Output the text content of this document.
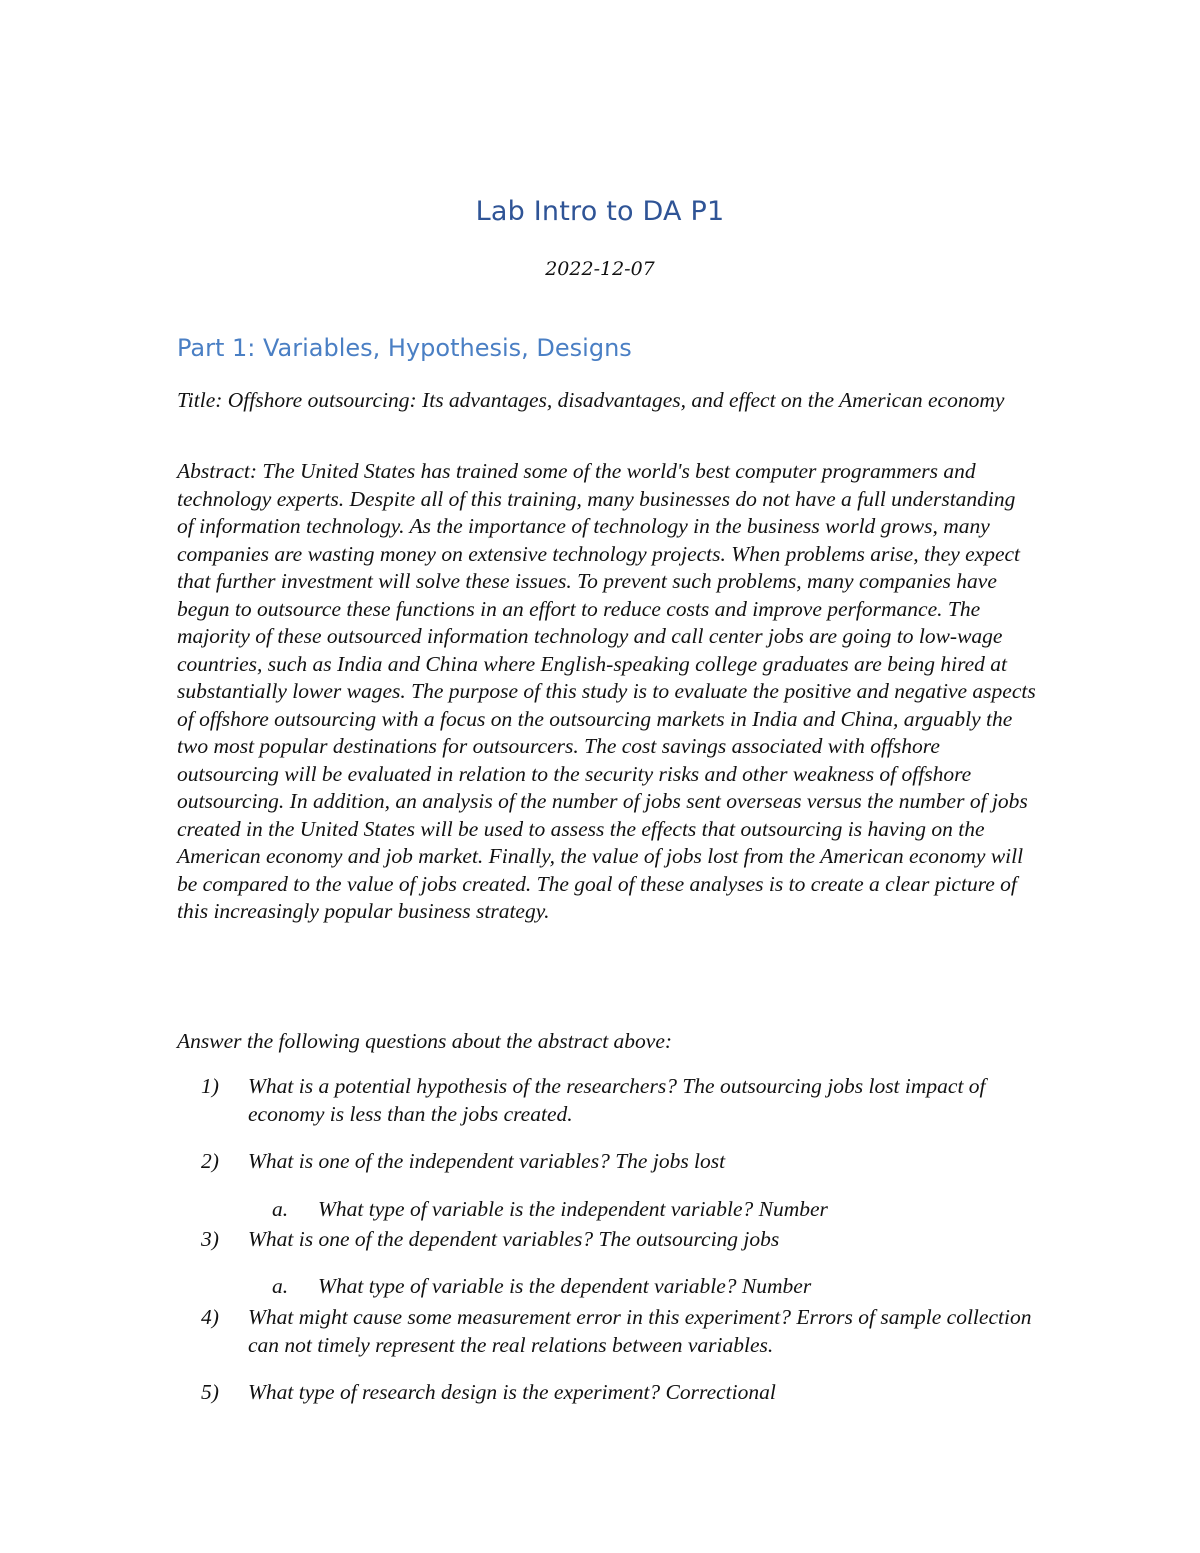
Lab Intro to DA P1
2022-12-07
Part 1: Variables, Hypothesis, Designs

Title: Offshore outsourcing: Its advantages, disadvantages, and effect on the American economy

Abstract: The United States has trained some of the world's best computer programmers and technology experts. Despite all of this training, many businesses do not have a full understanding of information technology. As the importance of technology in the business world grows, many companies are wasting money on extensive technology projects. When problems arise, they expect that further investment will solve these issues. To prevent such problems, many companies have begun to outsource these functions in an effort to reduce costs and improve performance. The majority of these outsourced information technology and call center jobs are going to low-wage countries, such as India and China where English-speaking college graduates are being hired at substantially lower wages. The purpose of this study is to evaluate the positive and negative aspects of offshore outsourcing with a focus on the outsourcing markets in India and China, arguably the two most popular destinations for outsourcers. The cost savings associated with offshore outsourcing will be evaluated in relation to the security risks and other weakness of offshore outsourcing. In addition, an analysis of the number of jobs sent overseas versus the number of jobs created in the United States will be used to assess the effects that outsourcing is having on the American economy and job market. Finally, the value of jobs lost from the American economy will be compared to the value of jobs created. The goal of these analyses is to create a clear picture of this increasingly popular business strategy.

Answer the following questions about the abstract above:

1)	What is a potential hypothesis of the researchers? The outsourcing jobs lost impact of economy is less than the jobs created.
2)	What is one of the independent variables? The jobs lost
a.	What type of variable is the independent variable? Number
3)	What is one of the dependent variables? The outsourcing jobs
a.	What type of variable is the dependent variable? Number
4)	What might cause some measurement error in this experiment? Errors of sample collection can not timely represent the real relations between variables.
5)	What type of research design is the experiment? Correctional
